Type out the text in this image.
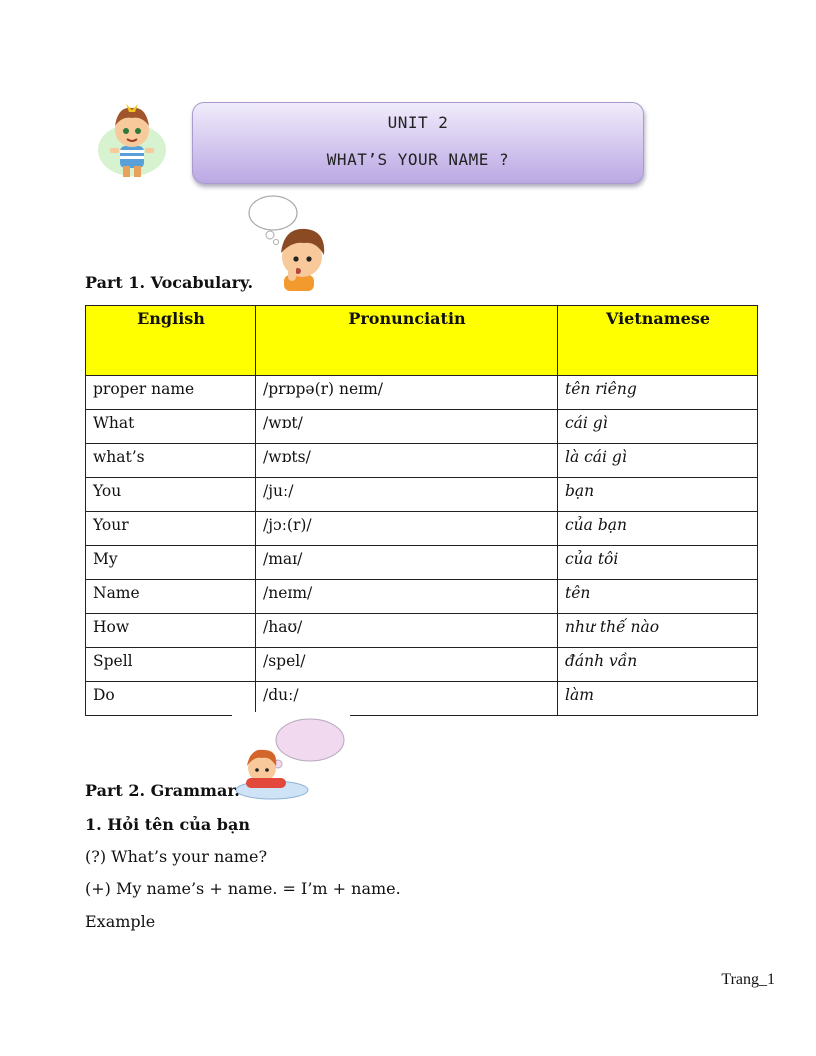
UNIT 2
WHAT’S YOUR NAME ?
Part 1. Vocabulary.
English	Pronunciatin	Vietnamese
proper name	/prɒpə(r) neɪm/	tên riêng
What	/wɒt/	cái gì
what’s	/wɒts/	là cái gì
You	/juː/	bạn
Your	/jɔː(r)/	của bạn
My	/maɪ/	của tôi
Name	/neɪm/	tên
How	/haʊ/	như thế nào
Spell	/spel/	đánh vần
Do	/duː/	làm
Part 2. Grammar.
1. Hỏi tên của bạn
(?) What’s your name?
(+) My name’s + name. = I’m + name.
Example
Trang_1
